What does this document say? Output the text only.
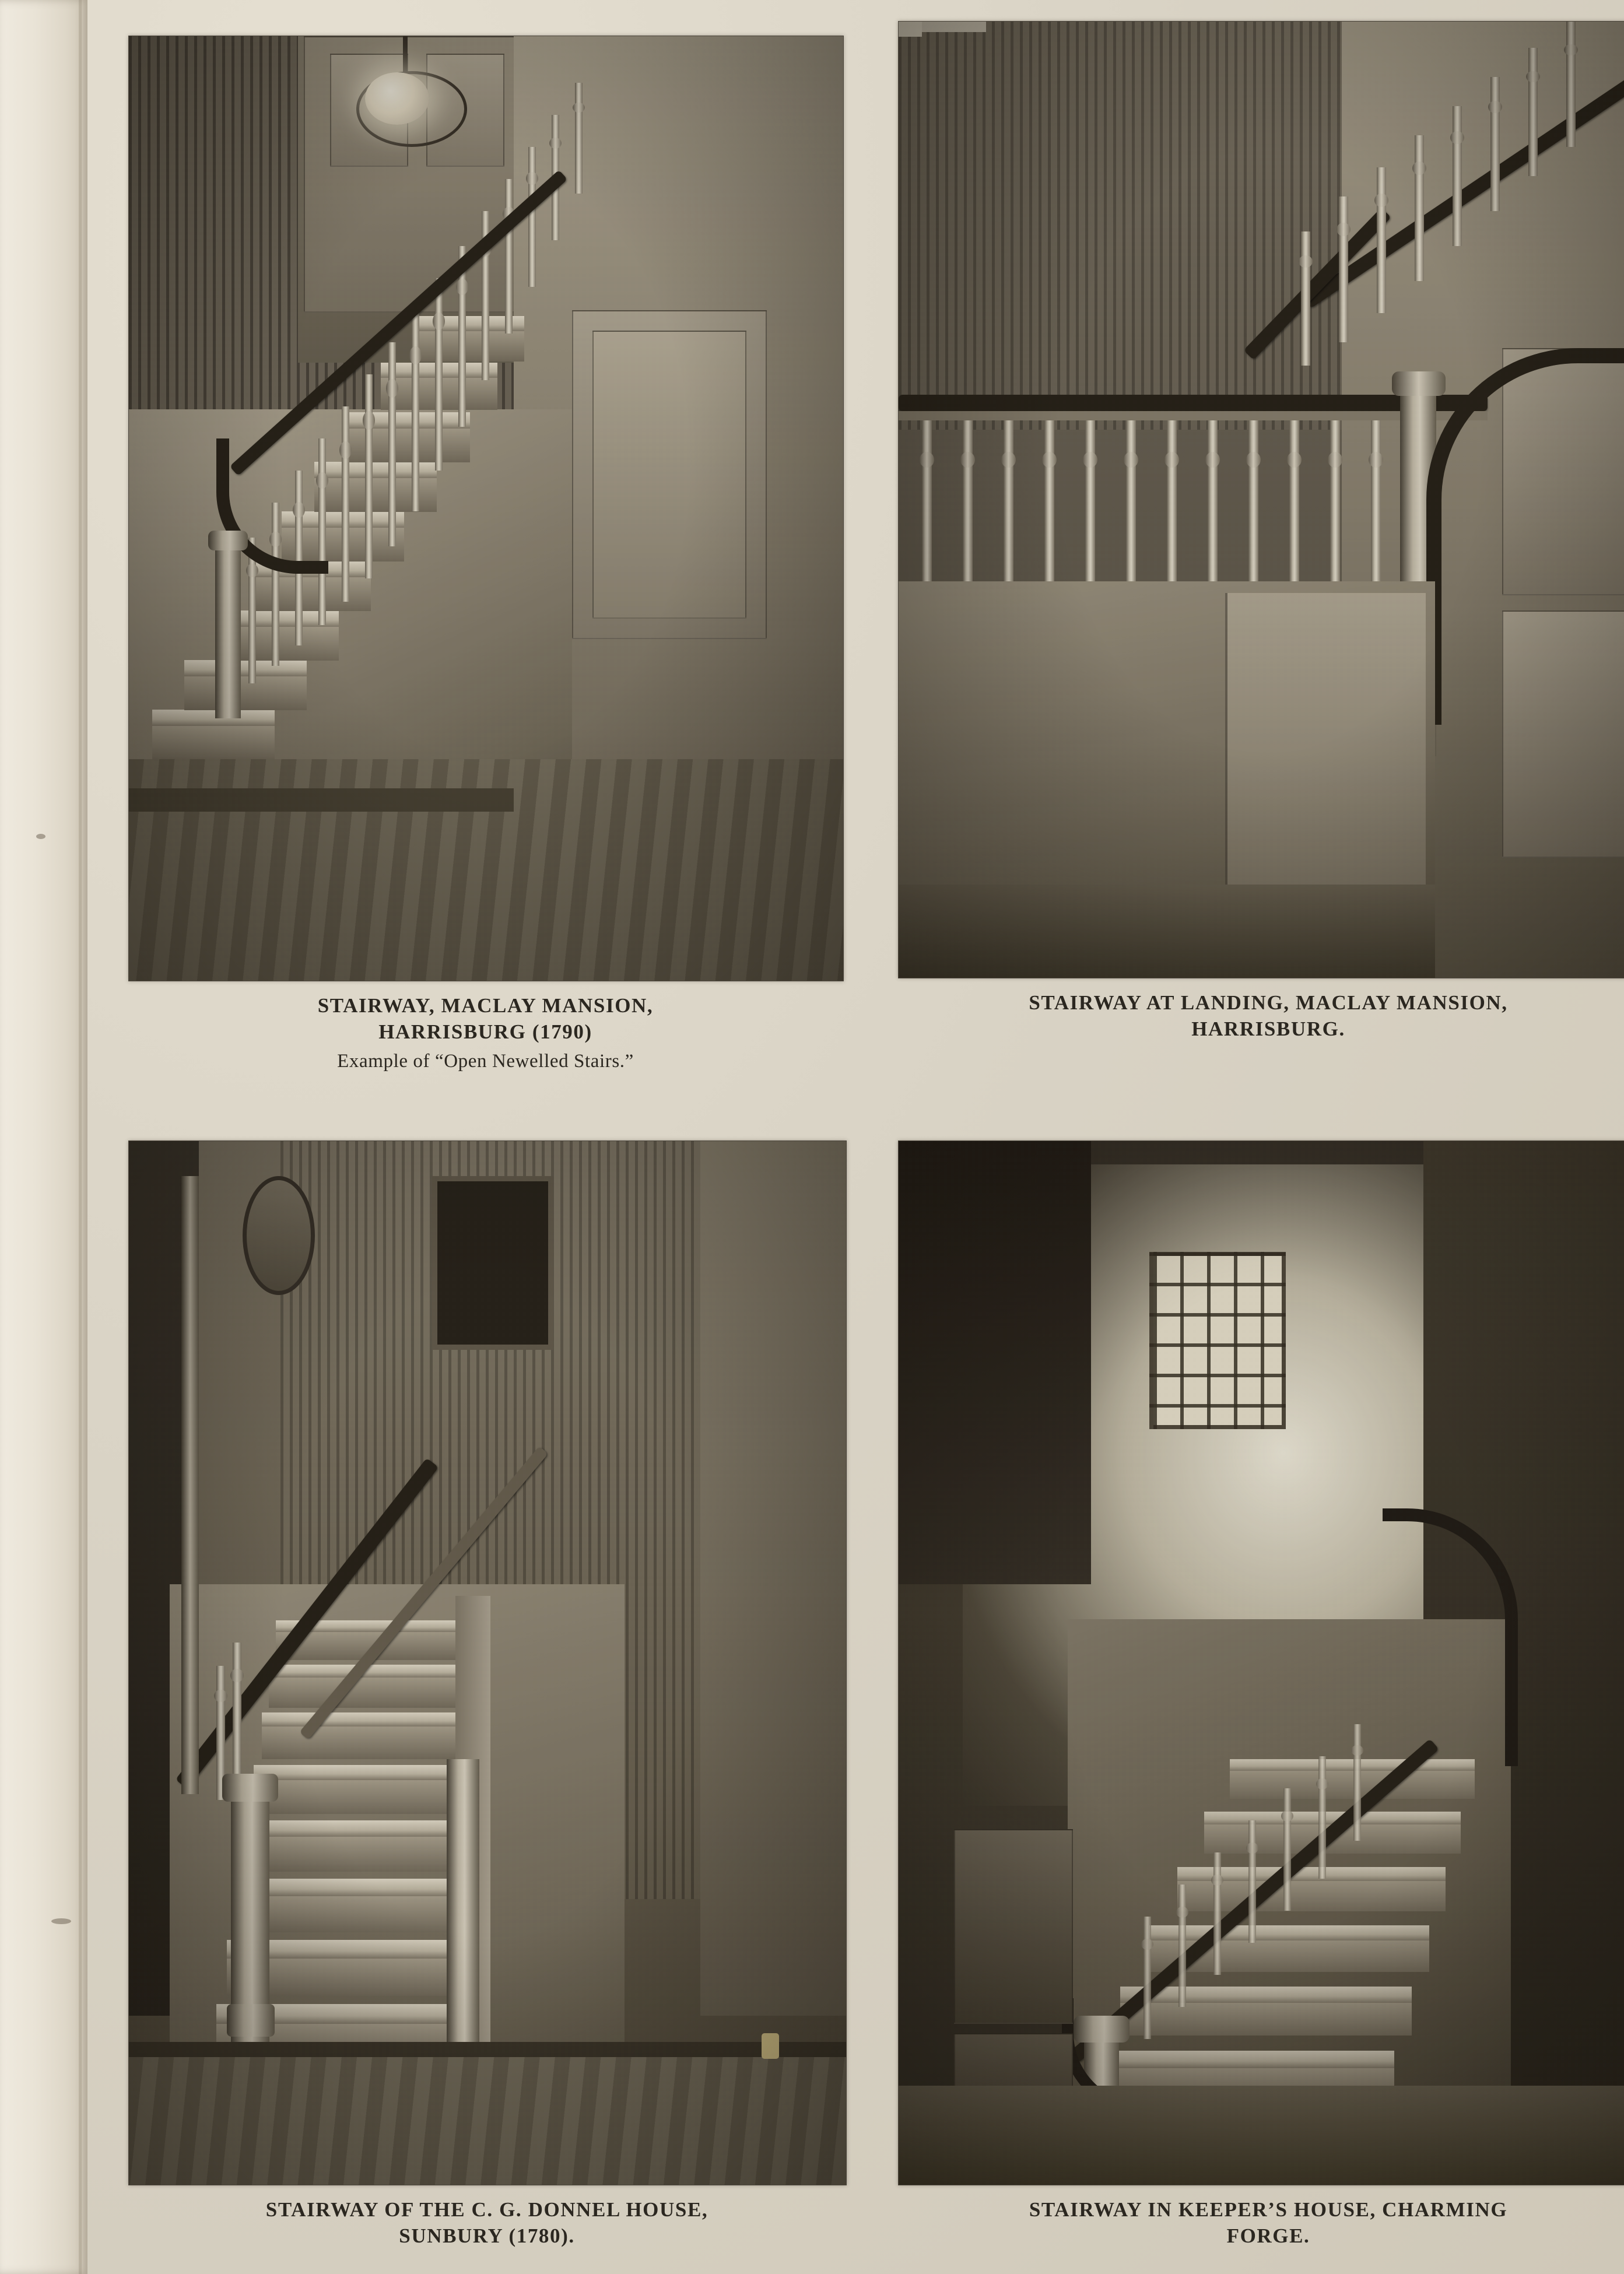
STAIRWAY, MACLAY MANSION,
HARRISBURG (1790)
Example of “Open Newelled Stairs.”
STAIRWAY AT LANDING, MACLAY MANSION,
HARRISBURG.
STAIRWAY OF THE C. G. DONNEL HOUSE,
SUNBURY (1780).
STAIRWAY IN KEEPER’S HOUSE, CHARMING
FORGE.
